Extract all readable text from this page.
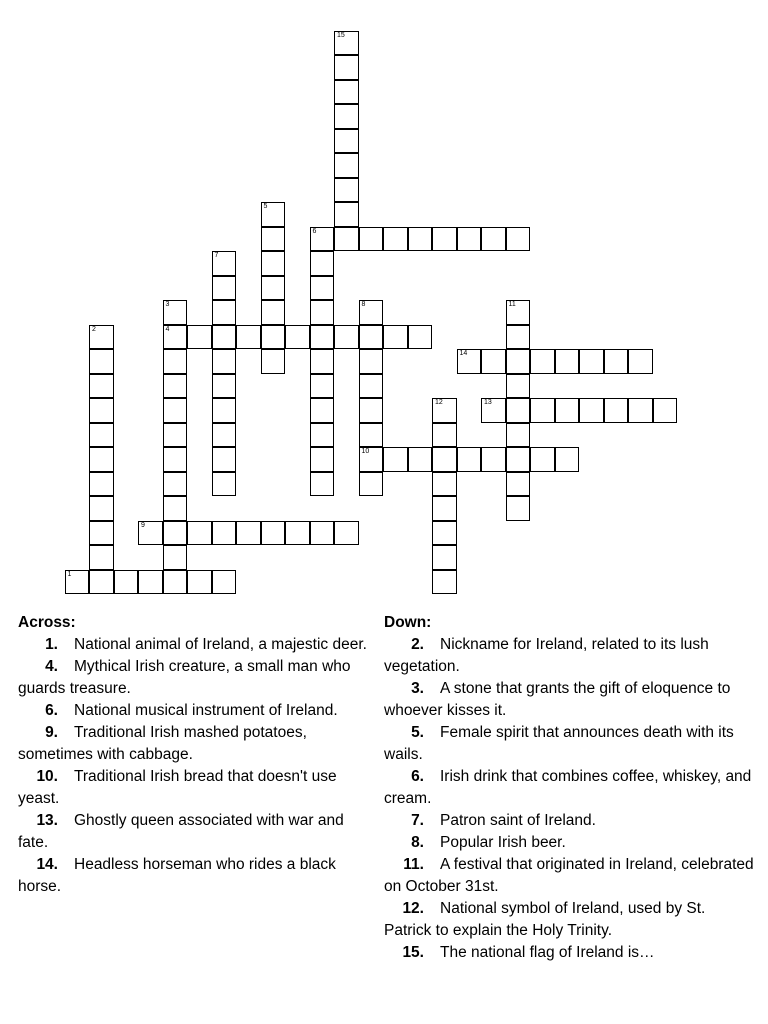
1
2
3
4
5
6
7
8
10
9
11
12	13
14
15

Across:

1. National animal of Ireland, a majestic deer.

4. Mythical Irish creature, a small man who guards treasure.

6. National musical instrument of Ireland.

9. Traditional Irish mashed potatoes, sometimes with cabbage.

10. Traditional Irish bread that doesn't use yeast.

13. Ghostly queen associated with war and fate.

14. Headless horseman who rides a black horse.

Down:

2. Nickname for Ireland, related to its lush vegetation.

3. A stone that grants the gift of eloquence to whoever kisses it.

5. Female spirit that announces death with its wails.

6. Irish drink that combines coffee, whiskey, and cream.

7. Patron saint of Ireland.

8. Popular Irish beer.

11. A festival that originated in Ireland, celebrated on October 31st.

12. National symbol of Ireland, used by St. Patrick to explain the Holy Trinity.

15. The national flag of Ireland is…
